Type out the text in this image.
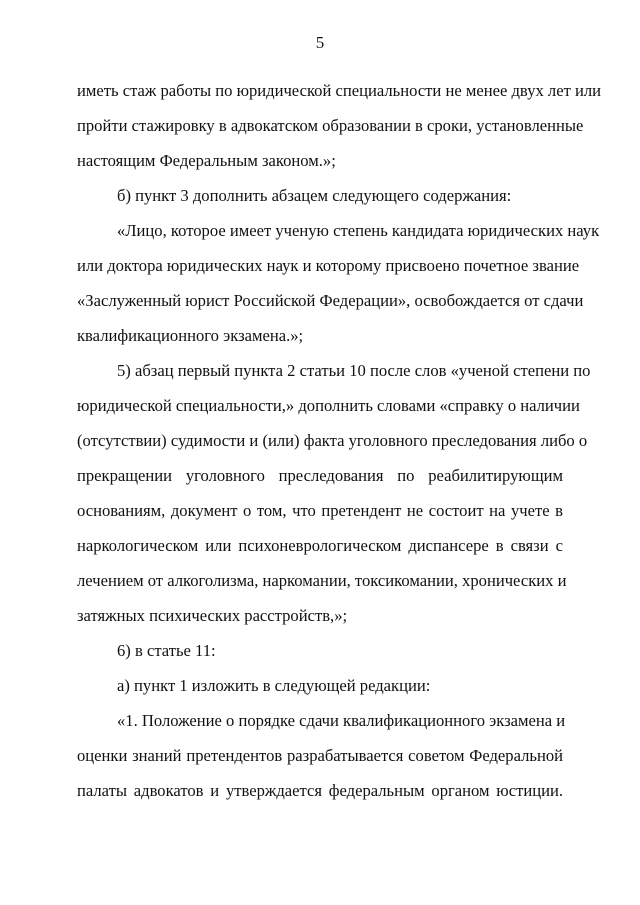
5
иметь стаж работы по юридической специальности не менее двух лет или
пройти стажировку в адвокатском образовании в сроки, установленные
настоящим Федеральным законом.»;
б) пункт 3 дополнить абзацем следующего содержания:
«Лицо, которое имеет ученую степень кандидата юридических наук
или доктора юридических наук и которому присвоено почетное звание
«Заслуженный юрист Российской Федерации», освобождается от сдачи
квалификационного экзамена.»;
5) абзац первый пункта 2 статьи 10 после слов «ученой степени по
юридической специальности,» дополнить словами «справку о наличии
(отсутствии) судимости и (или) факта уголовного преследования либо о
прекращении уголовного преследования по реабилитирующим
основаниям, документ о том, что претендент не состоит на учете в
наркологическом или психоневрологическом диспансере в связи с
лечением от алкоголизма, наркомании, токсикомании, хронических и
затяжных психических расстройств,»;
6) в статье 11:
а) пункт 1 изложить в следующей редакции:
«1. Положение о порядке сдачи квалификационного экзамена и
оценки знаний претендентов разрабатывается советом Федеральной
палаты адвокатов и утверждается федеральным органом юстиции.
